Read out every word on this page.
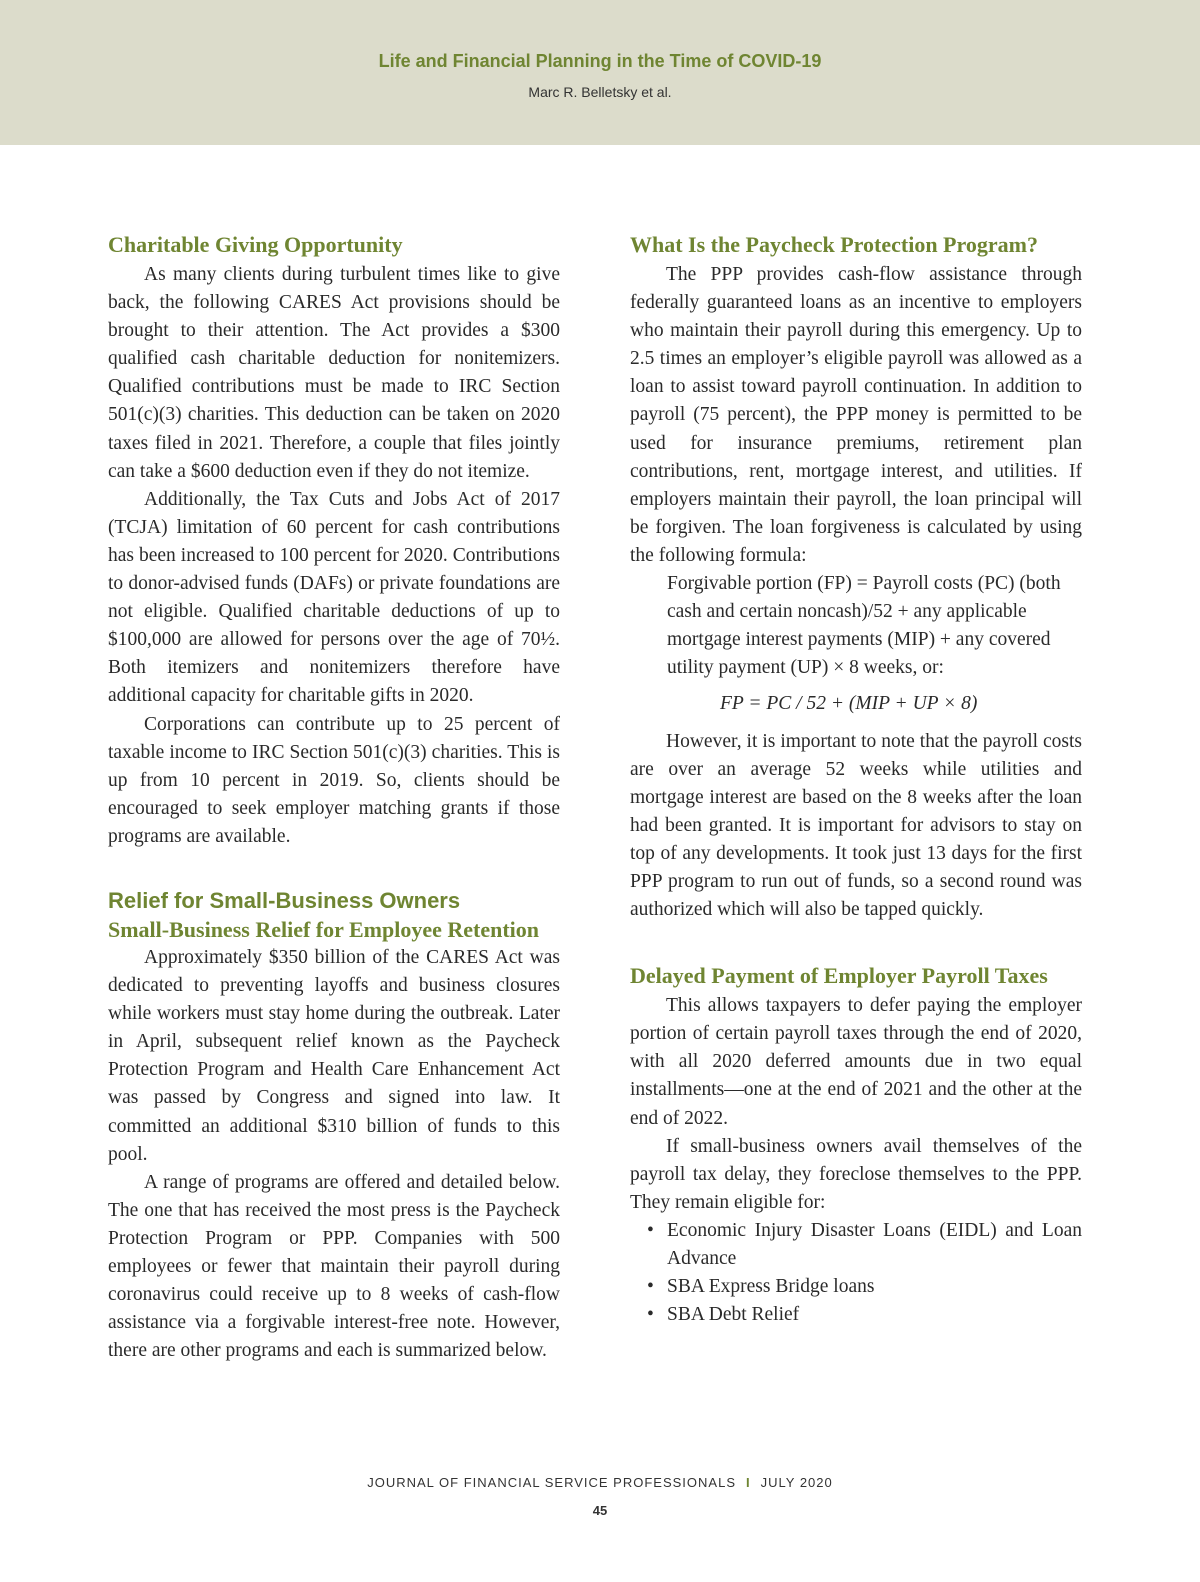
Life and Financial Planning in the Time of COVID-19
Marc R. Belletsky et al.
Charitable Giving Opportunity

As many clients during turbulent times like to give back, the following CARES Act provisions should be brought to their attention. The Act provides a $300 qualified cash charitable deduction for nonitemizers. Qualified contributions must be made to IRC Section 501(c)(3) charities. This deduction can be taken on 2020 taxes filed in 2021. Therefore, a couple that files jointly can take a $600 deduction even if they do not itemize.

Additionally, the Tax Cuts and Jobs Act of 2017 (TCJA) limitation of 60 percent for cash contributions has been increased to 100 percent for 2020. Contributions to donor-advised funds (DAFs) or private foundations are not eligible. Qualified charitable deductions of up to $100,000 are allowed for persons over the age of 70½. Both itemizers and nonitemizers therefore have additional capacity for charitable gifts in 2020.

Corporations can contribute up to 25 percent of taxable income to IRC Section 501(c)(3) charities. This is up from 10 percent in 2019. So, clients should be encouraged to seek employer matching grants if those programs are available.

Relief for Small-Business Owners
Small-Business Relief for Employee Retention

Approximately $350 billion of the CARES Act was dedicated to preventing layoffs and business closures while workers must stay home during the outbreak. Later in April, subsequent relief known as the Paycheck Protection Program and Health Care Enhancement Act was passed by Congress and signed into law. It committed an additional $310 billion of funds to this pool.

A range of programs are offered and detailed below. The one that has received the most press is the Paycheck Protection Program or PPP. Companies with 500 employees or fewer that maintain their payroll during coronavirus could receive up to 8 weeks of cash-flow assistance via a forgivable interest-free note. However, there are other programs and each is summarized below.

What Is the Paycheck Protection Program?

The PPP provides cash-flow assistance through federally guaranteed loans as an incentive to employers who maintain their payroll during this emergency. Up to 2.5 times an employer’s eligible payroll was allowed as a loan to assist toward payroll continuation. In addition to payroll (75 percent), the PPP money is permitted to be used for insurance premiums, retirement plan contributions, rent, mortgage interest, and utilities. If employers maintain their payroll, the loan principal will be forgiven. The loan forgiveness is calculated by using the following formula:

Forgivable portion (FP) = Payroll costs (PC) (both cash and certain noncash)/52 + any applicable mortgage interest payments (MIP) + any covered utility payment (UP) × 8 weeks, or:

FP = PC / 52 + (MIP + UP × 8)

However, it is important to note that the payroll costs are over an average 52 weeks while utilities and mortgage interest are based on the 8 weeks after the loan had been granted. It is important for advisors to stay on top of any developments. It took just 13 days for the first PPP program to run out of funds, so a second round was authorized which will also be tapped quickly.

Delayed Payment of Employer Payroll Taxes

This allows taxpayers to defer paying the employer portion of certain payroll taxes through the end of 2020, with all 2020 deferred amounts due in two equal installments—one at the end of 2021 and the other at the end of 2022.

If small-business owners avail themselves of the payroll tax delay, they foreclose themselves to the PPP. They remain eligible for:

• Economic Injury Disaster Loans (EIDL) and Loan Advance
• SBA Express Bridge loans
• SBA Debt Relief
JOURNAL OF FINANCIAL SERVICE PROFESSIONALS I JULY 2020
45
